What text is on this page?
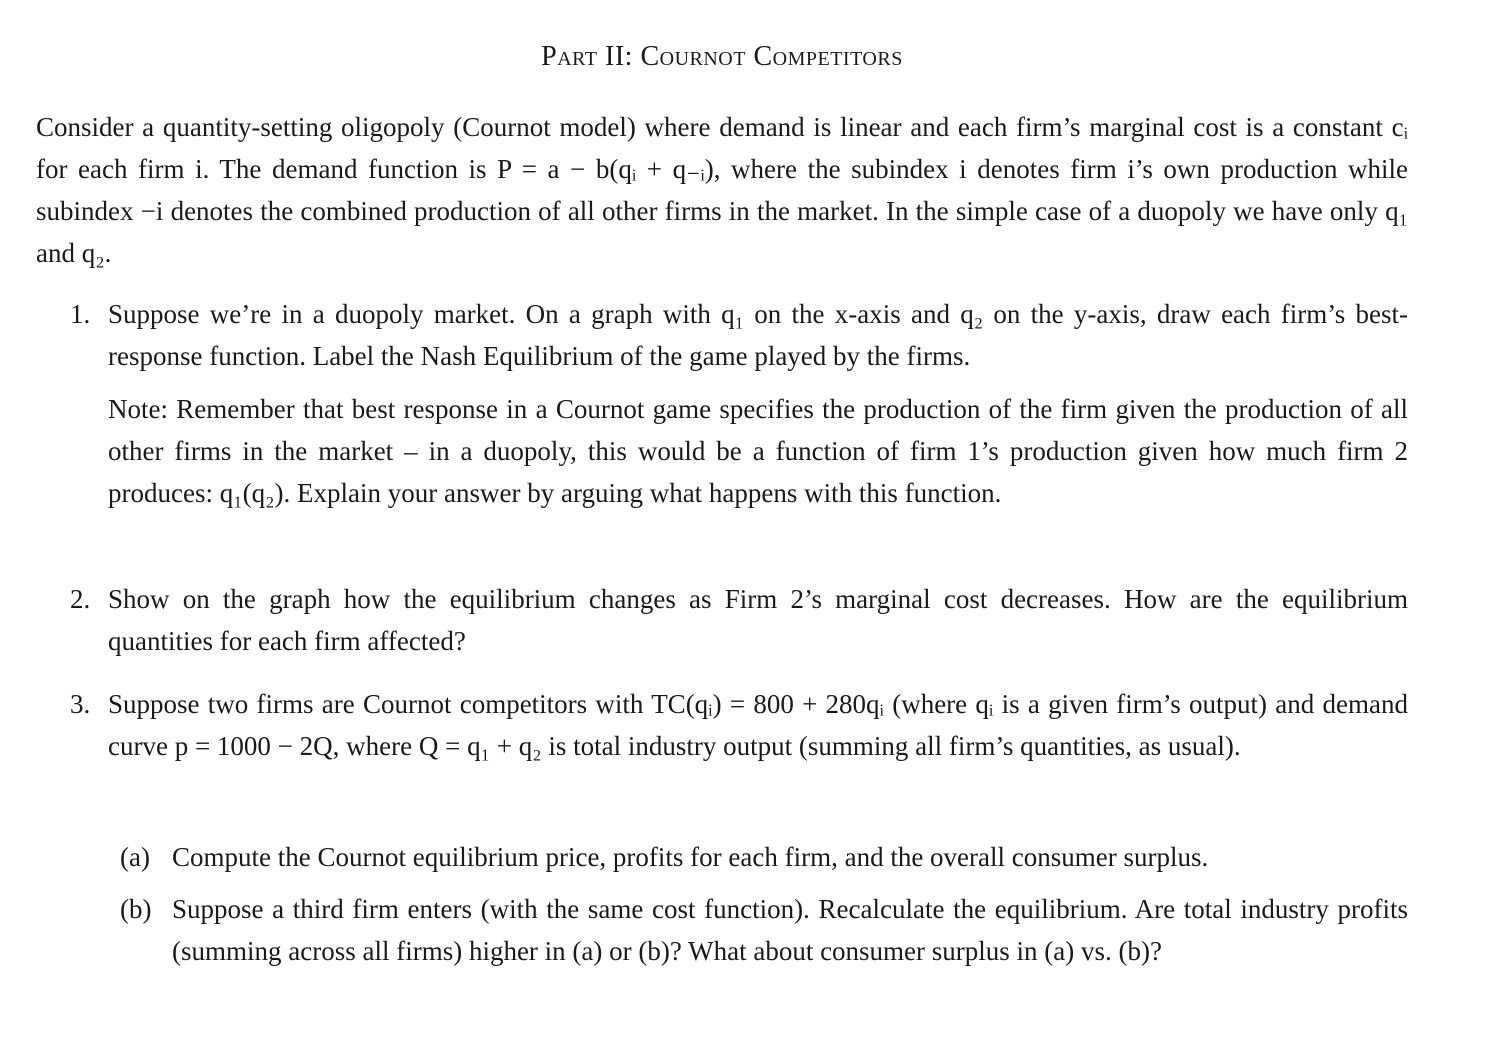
Part II: Cournot Competitors
Consider a quantity-setting oligopoly (Cournot model) where demand is linear and each firm’s marginal cost is a constant cᵢ for each firm i. The demand function is P = a − b(qᵢ + q₋ᵢ), where the subindex i denotes firm i’s own production while subindex −i denotes the combined production of all other firms in the market. In the simple case of a duopoly we have only q₁ and q₂.
1. Suppose we’re in a duopoly market. On a graph with q₁ on the x-axis and q₂ on the y-axis, draw each firm’s best-response function. Label the Nash Equilibrium of the game played by the firms.
Note: Remember that best response in a Cournot game specifies the production of the firm given the production of all other firms in the market – in a duopoly, this would be a function of firm 1’s production given how much firm 2 produces: q₁(q₂). Explain your answer by arguing what happens with this function.
2. Show on the graph how the equilibrium changes as Firm 2’s marginal cost decreases. How are the equilibrium quantities for each firm affected?
3. Suppose two firms are Cournot competitors with TC(qᵢ) = 800 + 280qᵢ (where qᵢ is a given firm’s output) and demand curve p = 1000 − 2Q, where Q = q₁ + q₂ is total industry output (summing all firm’s quantities, as usual).
(a) Compute the Cournot equilibrium price, profits for each firm, and the overall consumer surplus.
(b) Suppose a third firm enters (with the same cost function). Recalculate the equilibrium. Are total industry profits (summing across all firms) higher in (a) or (b)? What about consumer surplus in (a) vs. (b)?
